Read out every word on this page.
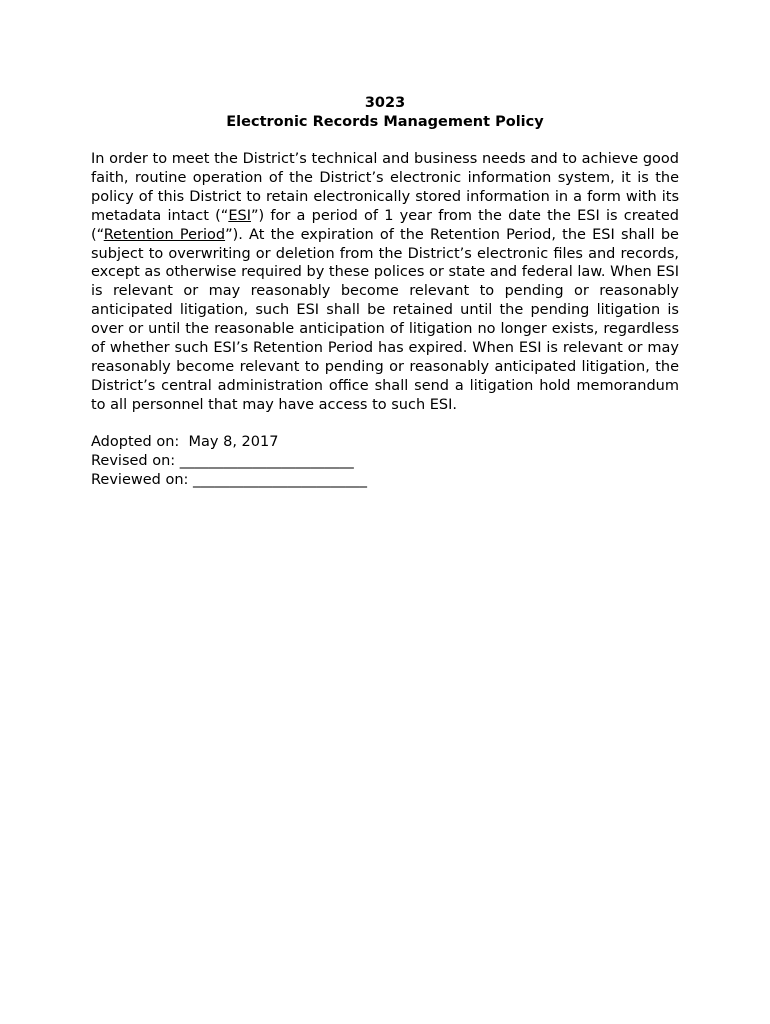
3023

Electronic Records Management Policy

In order to meet the District’s technical and business needs and to achieve good faith, routine operation of the District’s electronic information system, it is the policy of this District to retain electronically stored information in a form with its metadata intact (“ESI”) for a period of 1 year from the date the ESI is created (“Retention Period”). At the expiration of the Retention Period, the ESI shall be subject to overwriting or deletion from the District’s electronic files and records, except as otherwise required by these polices or state and federal law. When ESI is relevant or may reasonably become relevant to pending or reasonably anticipated litigation, such ESI shall be retained until the pending litigation is over or until the reasonable anticipation of litigation no longer exists, regardless of whether such ESI’s Retention Period has expired. When ESI is relevant or may reasonably become relevant to pending or reasonably anticipated litigation, the District’s central administration office shall send a litigation hold memorandum to all personnel that may have access to such ESI.

Adopted on:  May 8, 2017
Revised on: ________________________
Reviewed on: ________________________
